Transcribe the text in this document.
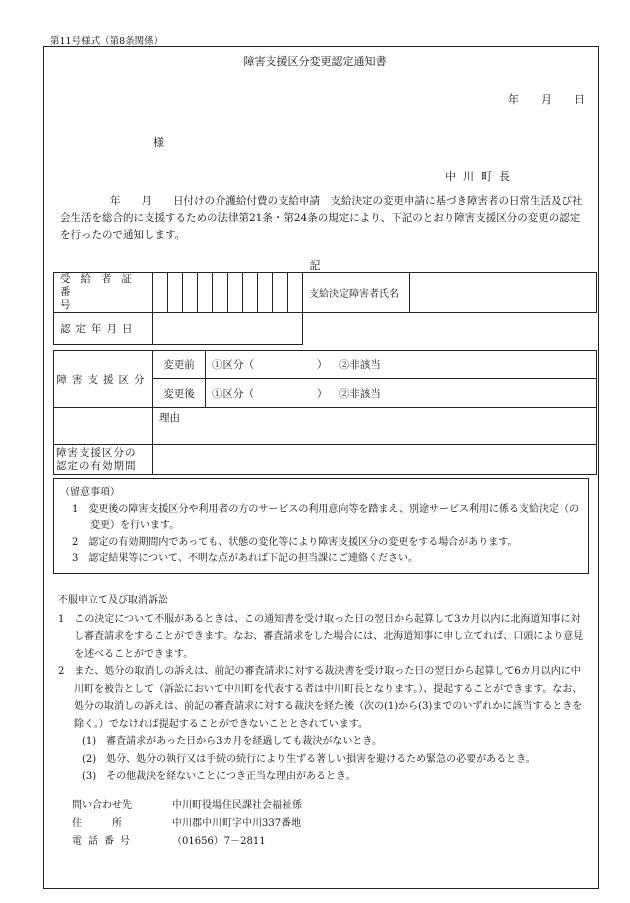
第11号様式（第8条関係）
障害支援区分変更認定通知書
年　　月　　日
様
中川町長
年　　月　　日付けの介護給付費の支給申請　支給決定の変更申請に基づき障害者の日常生活及び社会生活を総合的に支援するための法律第21条・第24条の規定により、下記のとおり障害支援区分の変更の認定を行ったので通知します。
記
受給者証
番号											支給決定障害者氏名	
認定年月日												
障害支援区分	変更前	①区分（　　　　　　） ②非該当
	変更後	①区分（　　　　　　） ②非該当
	理由	

障害支援区分の
認定の有効期間		

（留意事項）
1　変更後の障害支援区分や利用者の方のサービスの利用意向等を踏まえ、別途サービス利用に係る支給決定（の変更）を行います。
2　認定の有効期間内であっても、状態の変化等により障害支援区分の変更をする場合があります。
3　認定結果等について、不明な点があれば下記の担当課にご連絡ください。
不服申立て及び取消訴訟
1　この決定について不服があるときは、この通知書を受け取った日の翌日から起算して3カ月以内に北海道知事に対し審査請求をすることができます。なお、審査請求をした場合には、北海道知事に申し立てれば、口頭により意見を述べることができます。
2　また、処分の取消しの訴えは、前記の審査請求に対する裁決書を受け取った日の翌日から起算して6カ月以内に中川町を被告として（訴訟において中川町を代表する者は中川町長となります。）、提起することができます。なお、処分の取消しの訴えは、前記の審査請求に対する裁決を経た後（次の(1)から(3)までのいずれかに該当するときを除く。）でなければ提起することができないこととされています。
(1)　審査請求があった日から3カ月を経過しても裁決がないとき。
(2)　処分、処分の執行又は手続の続行により生ずる著しい損害を避けるため緊急の必要があるとき。
(3)　その他裁決を経ないことにつき正当な理由があるとき。
問い合わせ先	中川町役場住民課社会福祉係
住　　　所	中川郡中川町字中川337番地
電話番号	（01656）7－2811
